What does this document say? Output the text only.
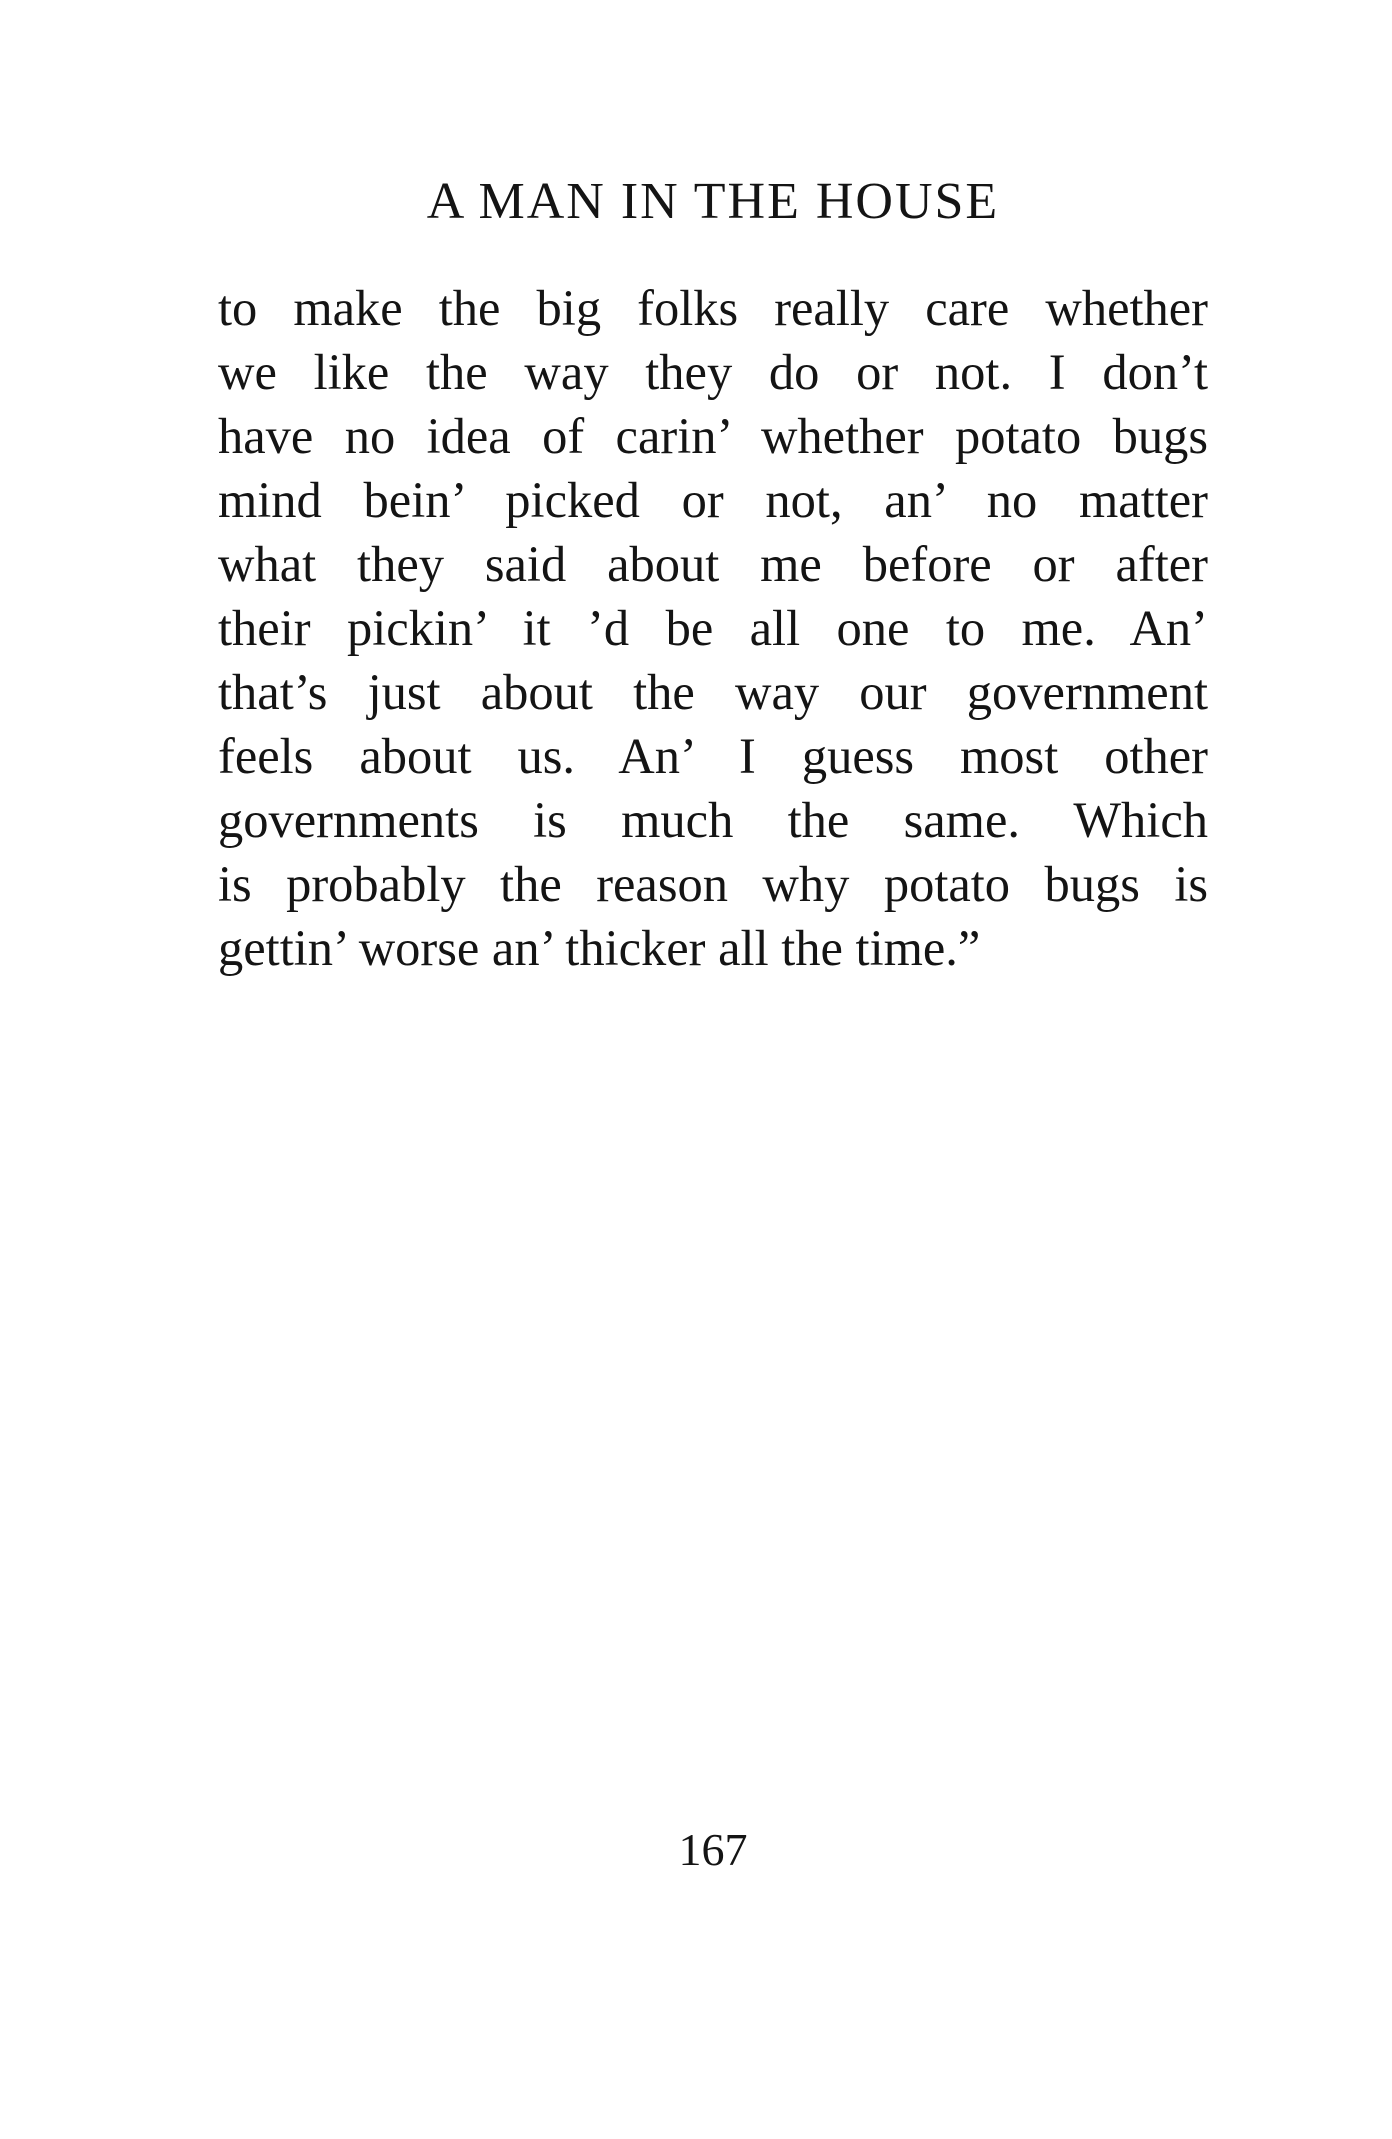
A MAN IN THE HOUSE
to make the big folks really care whether
we like the way they do or not. I don’t
have no idea of carin’ whether potato bugs
mind bein’ picked or not, an’ no matter
what they said about me before or after
their pickin’ it ’d be all one to me. An’
that’s just about the way our government
feels about us. An’ I guess most other
governments is much the same. Which
is probably the reason why potato bugs is
gettin’ worse an’ thicker all the time.”
167
